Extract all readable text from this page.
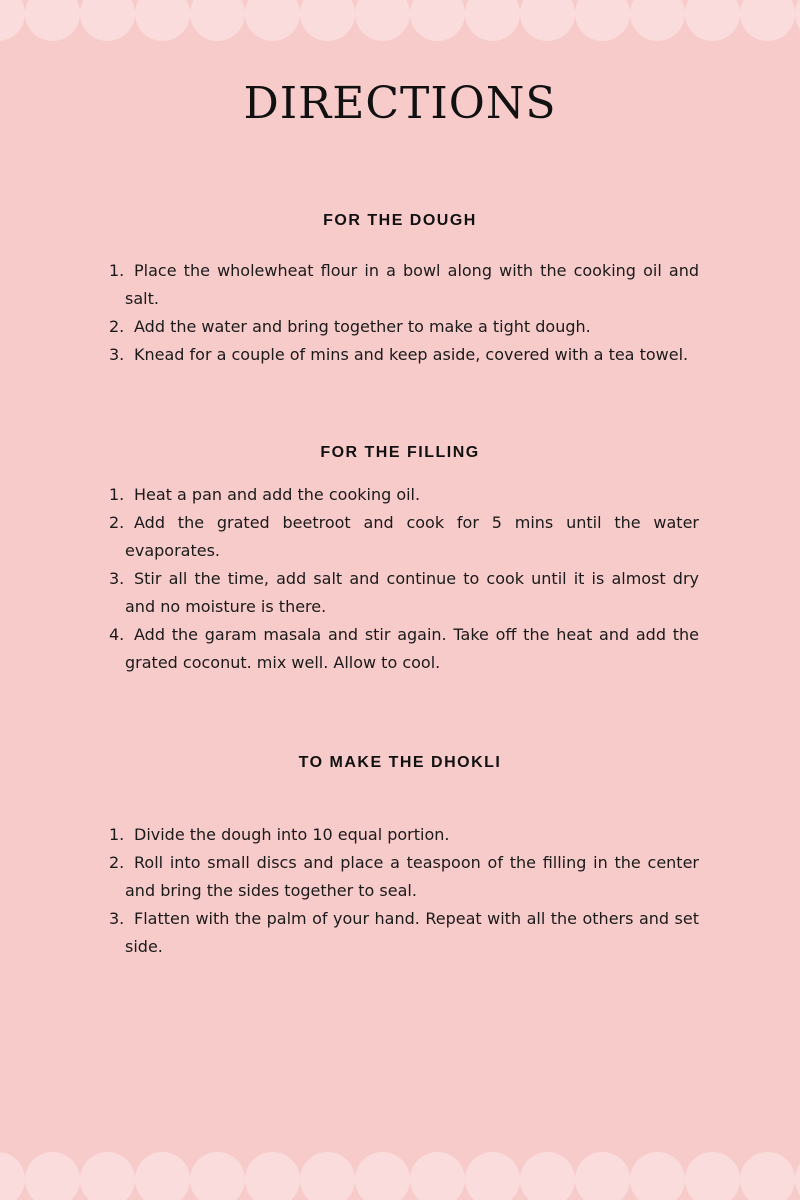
DIRECTIONS
FOR THE DOUGH
1. Place the wholewheat flour in a bowl along with the cooking oil and salt.
2. Add the water and bring together to make a tight dough.
3. Knead for a couple of mins and keep aside, covered with a tea towel.
FOR THE FILLING
1. Heat a pan and add the cooking oil.
2. Add the grated beetroot and cook for 5 mins until the water evaporates.
3. Stir all the time, add salt and continue to cook until it is almost dry and no moisture is there.
4. Add the garam masala and stir again. Take off the heat and add the grated coconut. mix well. Allow to cool.
TO MAKE THE DHOKLI
1. Divide the dough into 10 equal portion.
2. Roll into small discs and place a teaspoon of the filling in the center and bring the sides together to seal.
3. Flatten with the palm of your hand. Repeat with all the others and set side.
